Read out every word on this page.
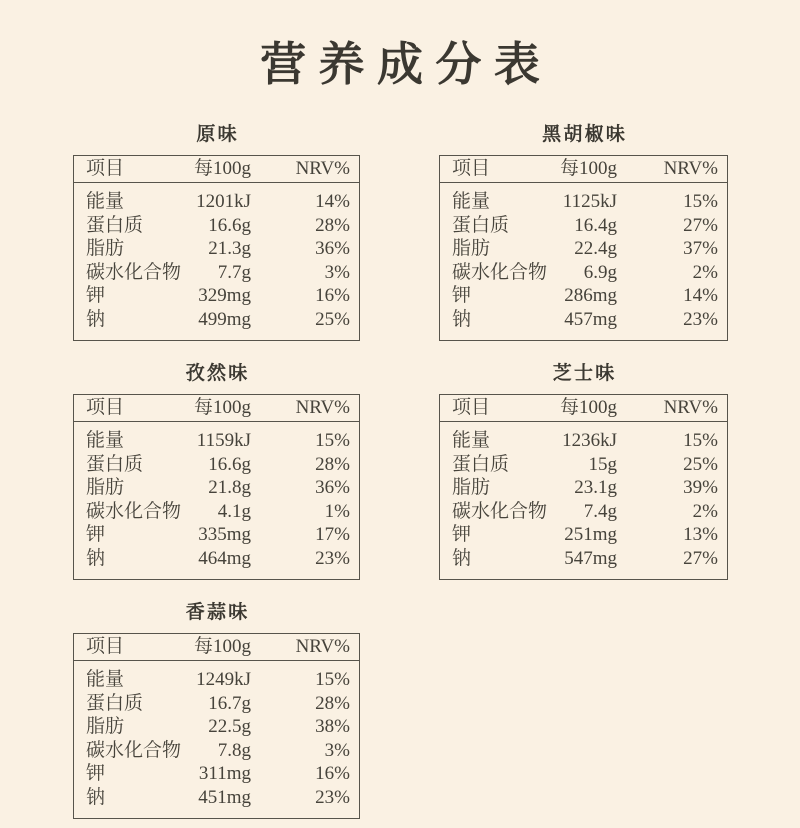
营养成分表
原味
项目	每100g	NRV%
能量	1201kJ	14%
蛋白质	16.6g	28%
脂肪	21.3g	36%
碳水化合物	7.7g	3%
钾	329mg	16%
钠	499mg	25%
黑胡椒味
项目	每100g	NRV%
能量	1125kJ	15%
蛋白质	16.4g	27%
脂肪	22.4g	37%
碳水化合物	6.9g	2%
钾	286mg	14%
钠	457mg	23%
孜然味
项目	每100g	NRV%
能量	1159kJ	15%
蛋白质	16.6g	28%
脂肪	21.8g	36%
碳水化合物	4.1g	1%
钾	335mg	17%
钠	464mg	23%
芝士味
项目	每100g	NRV%
能量	1236kJ	15%
蛋白质	15g	25%
脂肪	23.1g	39%
碳水化合物	7.4g	2%
钾	251mg	13%
钠	547mg	27%
香蒜味
项目	每100g	NRV%
能量	1249kJ	15%
蛋白质	16.7g	28%
脂肪	22.5g	38%
碳水化合物	7.8g	3%
钾	311mg	16%
钠	451mg	23%
